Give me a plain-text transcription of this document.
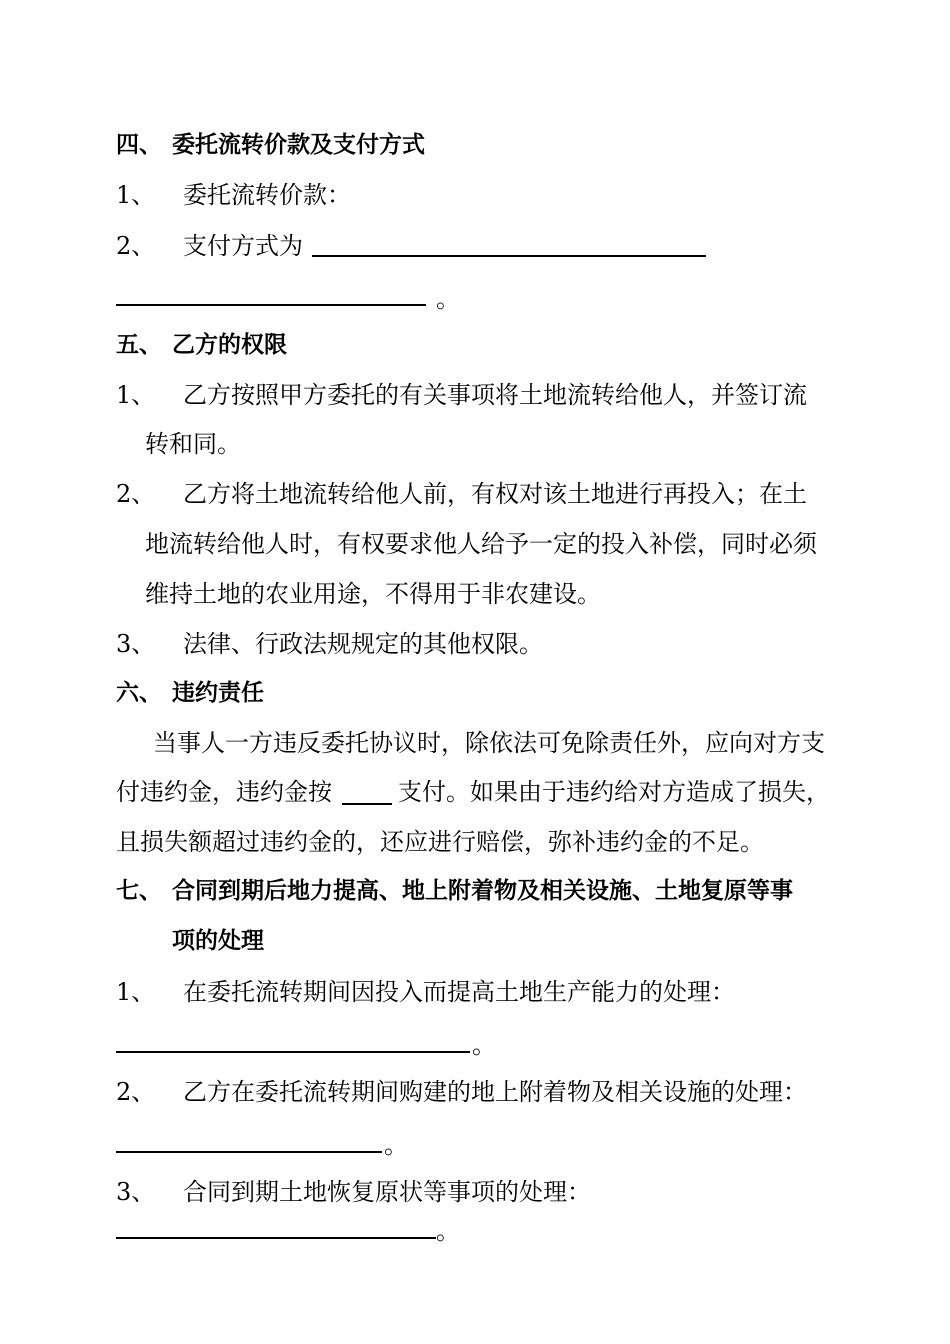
四、 委托流转价款及支付方式
1、 委托流转价款：
2、 支付方式为
。
五、 乙方的权限
1、 乙方按照甲方委托的有关事项将土地流转给他人，并签订流
转和同。
2、 乙方将土地流转给他人前，有权对该土地进行再投入；在土
地流转给他人时，有权要求他人给予一定的投入补偿，同时必须
维持土地的农业用途，不得用于非农建设。
3、 法律、行政法规规定的其他权限。
六、 违约责任
当事人一方违反委托协议时，除依法可免除责任外，应向对方支
付违约金，违约金按	支付。如果由于违约给对方造成了损失，
且损失额超过违约金的，还应进行赔偿，弥补违约金的不足。
七、 合同到期后地力提高、地上附着物及相关设施、土地复原等事
项的处理
1、 在委托流转期间因投入而提高土地生产能力的处理：
。
2、 乙方在委托流转期间购建的地上附着物及相关设施的处理：
。
3、 合同到期土地恢复原状等事项的处理：
。
